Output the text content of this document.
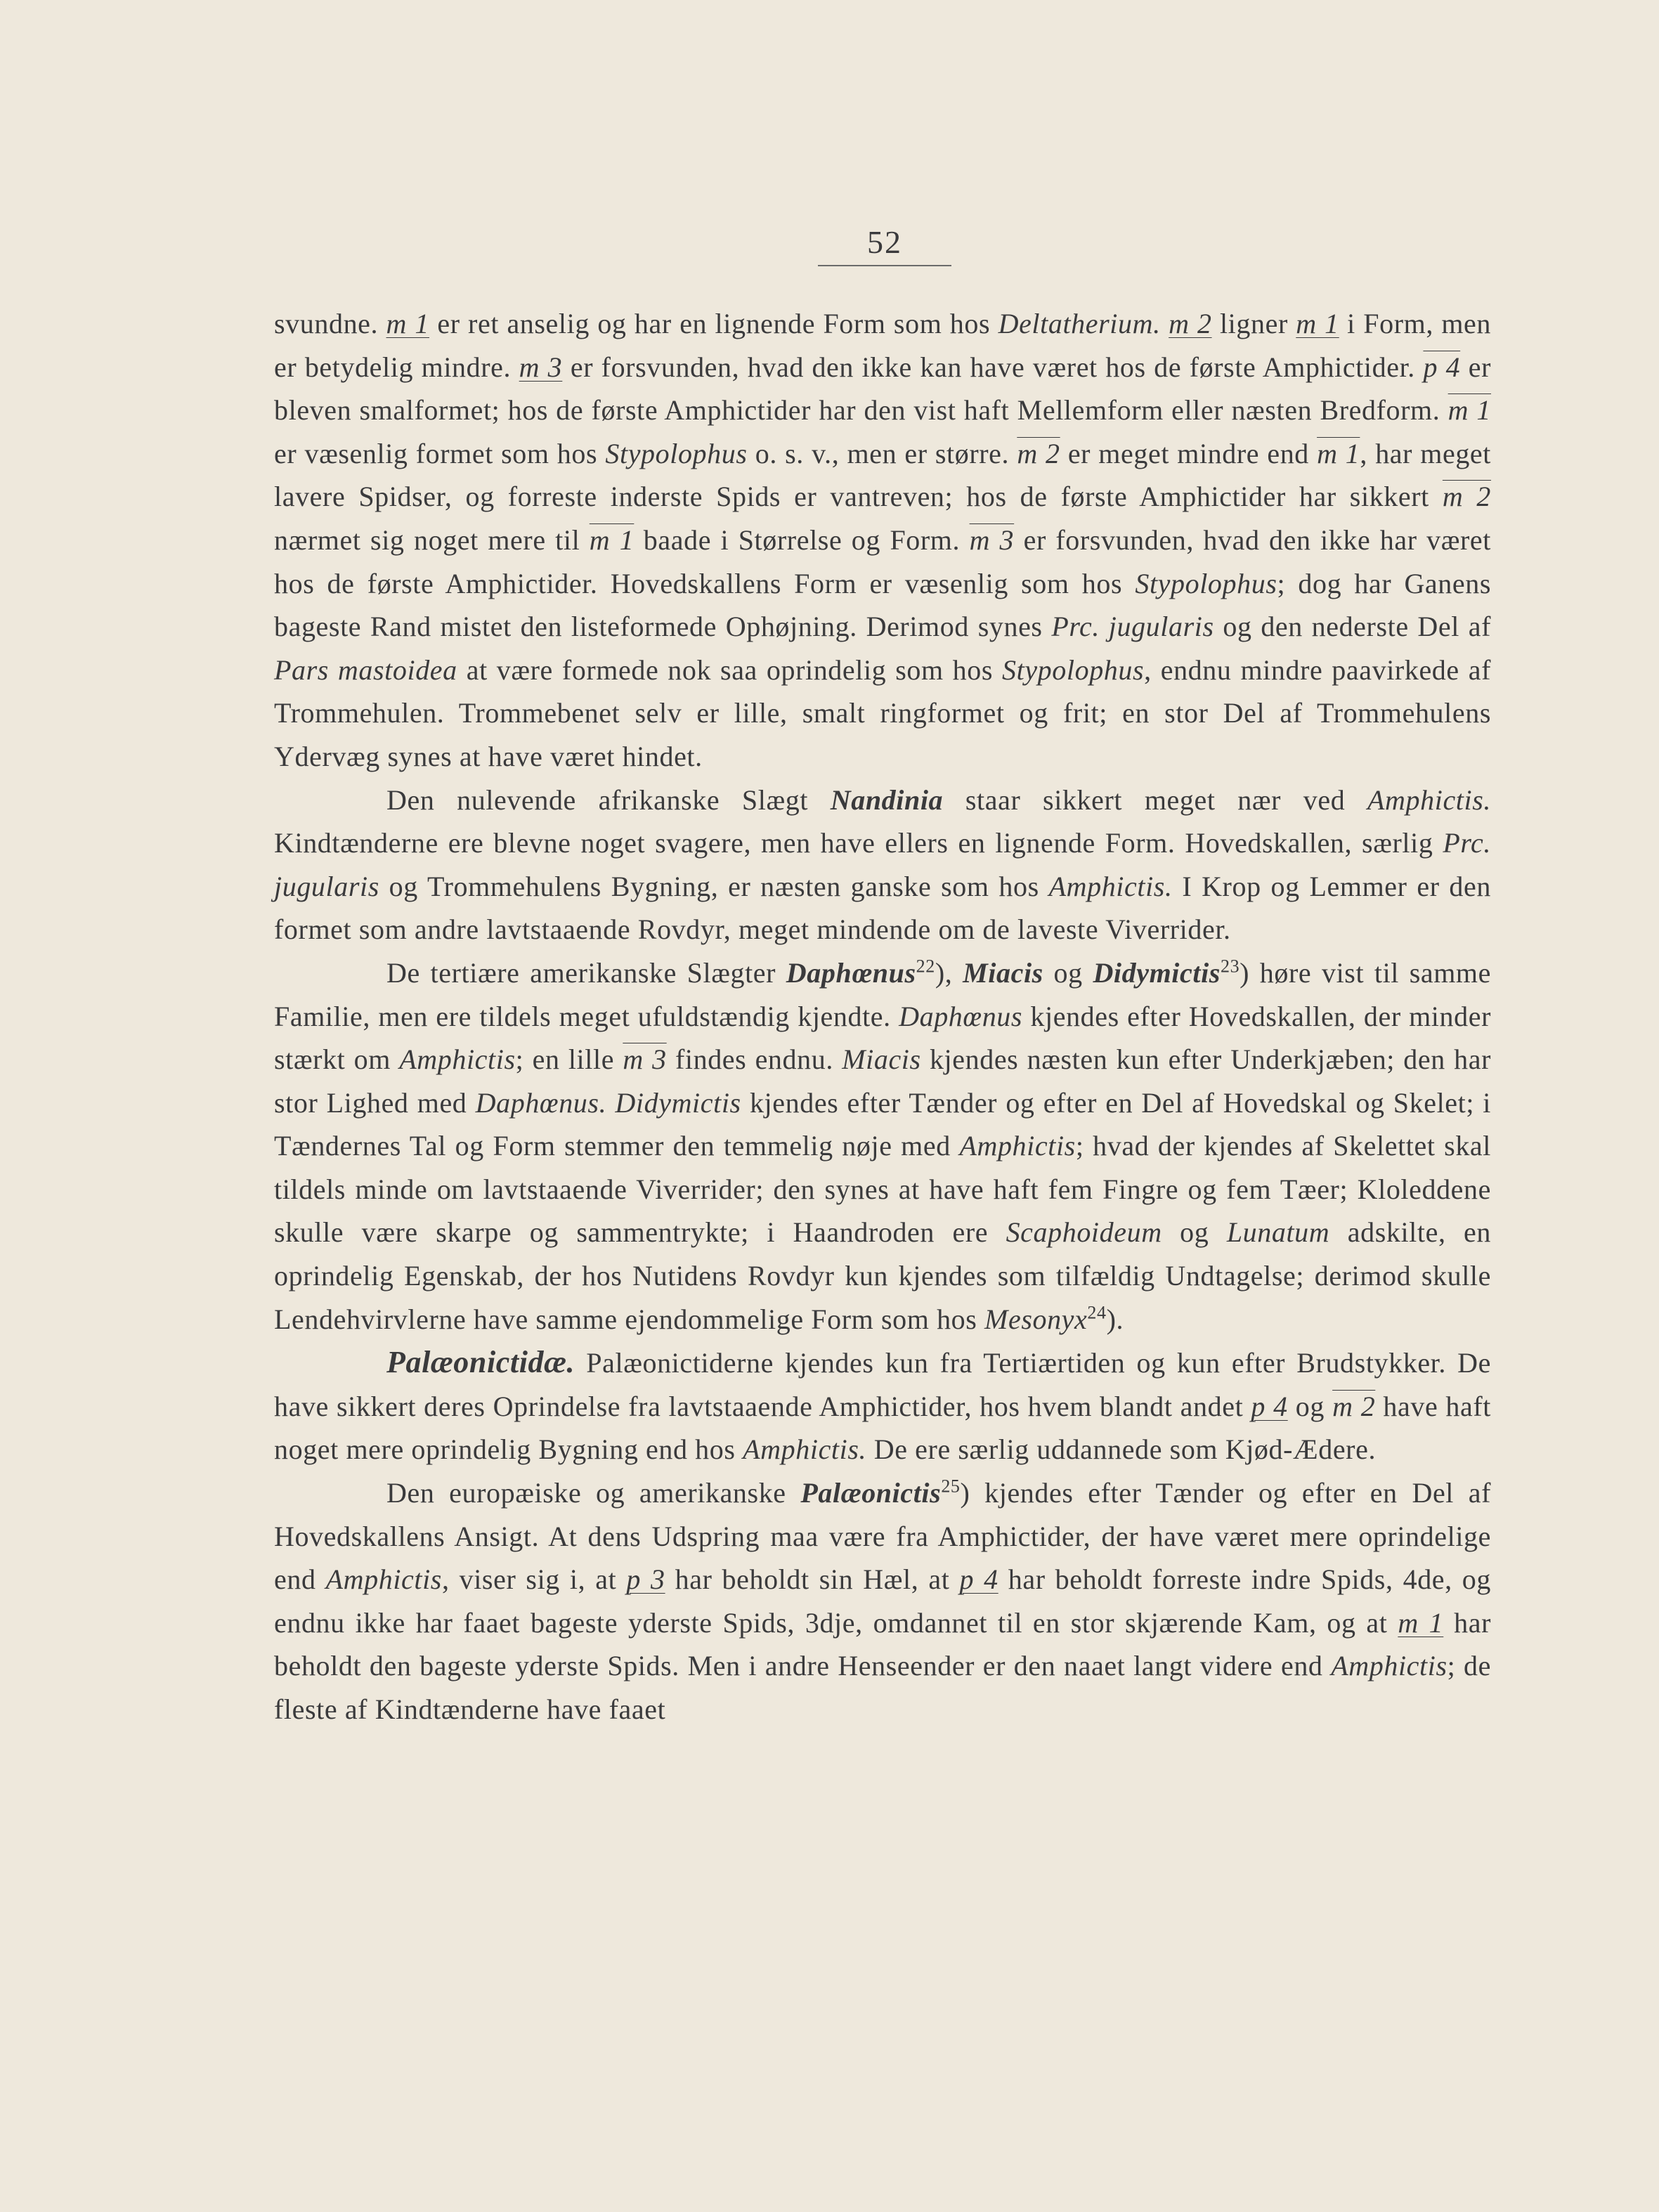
52

svundne. m 1 er ret anselig og har en lignende Form som hos Deltatherium. m 2 ligner m 1 i Form, men er betydelig mindre. m 3 er forsvunden, hvad den ikke kan have været hos de første Amphictider. p 4 er bleven smalformet; hos de første Amphictider har den vist haft Mellemform eller næsten Bredform. m 1 er væsenlig formet som hos Stypolophus o. s. v., men er større. m 2 er meget mindre end m 1, har meget lavere Spidser, og forreste inderste Spids er vantreven; hos de første Amphictider har sikkert m 2 nærmet sig noget mere til m 1 baade i Størrelse og Form. m 3 er forsvunden, hvad den ikke har været hos de første Amphictider. Hovedskallens Form er væsenlig som hos Stypolophus; dog har Ganens bageste Rand mistet den listeformede Ophøjning. Derimod synes Prc. jugularis og den nederste Del af Pars mastoidea at være formede nok saa oprindelig som hos Stypolophus, endnu mindre paavirkede af Trommehulen. Trommebenet selv er lille, smalt ringformet og frit; en stor Del af Trommehulens Ydervæg synes at have været hindet.

Den nulevende afrikanske Slægt Nandinia staar sikkert meget nær ved Amphictis. Kindtænderne ere blevne noget svagere, men have ellers en lignende Form. Hovedskallen, særlig Prc. jugularis og Trommehulens Bygning, er næsten ganske som hos Amphictis. I Krop og Lemmer er den formet som andre lavtstaaende Rovdyr, meget mindende om de laveste Viverrider.

De tertiære amerikanske Slægter Daphœnus$^{22}$), Miacis og Didymictis$^{23}$) høre vist til samme Familie, men ere tildels meget ufuldstændig kjendte. Daphœnus kjendes efter Hovedskallen, der minder stærkt om Amphictis; en lille m 3 findes endnu. Miacis kjendes næsten kun efter Underkjæben; den har stor Lighed med Daphœnus. Didymictis kjendes efter Tænder og efter en Del af Hovedskal og Skelet; i Tændernes Tal og Form stemmer den temmelig nøje med Amphictis; hvad der kjendes af Skelettet skal tildels minde om lavtstaaende Viverrider; den synes at have haft fem Fingre og fem Tæer; Kloleddene skulle være skarpe og sammentrykte; i Haandroden ere Scaphoideum og Lunatum adskilte, en oprindelig Egenskab, der hos Nutidens Rovdyr kun kjendes som tilfældig Undtagelse; derimod skulle Lendehvirvlerne have samme ejendommelige Form som hos Mesonyx$^{24}$).

Palæonictidæ. Palæonictiderne kjendes kun fra Tertiærtiden og kun efter Brudstykker. De have sikkert deres Oprindelse fra lavtstaaende Amphictider, hos hvem blandt andet p 4 og m 2 have haft noget mere oprindelig Bygning end hos Amphictis. De ere særlig uddannede som Kjød-Ædere.

Den europæiske og amerikanske Palæonictis$^{25}$) kjendes efter Tænder og efter en Del af Hovedskallens Ansigt. At dens Udspring maa være fra Amphictider, der have været mere oprindelige end Amphictis, viser sig i, at p 3 har beholdt sin Hæl, at p 4 har beholdt forreste indre Spids, 4de, og endnu ikke har faaet bageste yderste Spids, 3dje, omdannet til en stor skjærende Kam, og at m 1 har beholdt den bageste yderste Spids. Men i andre Henseender er den naaet langt videre end Amphictis; de fleste af Kindtænderne have faaet
